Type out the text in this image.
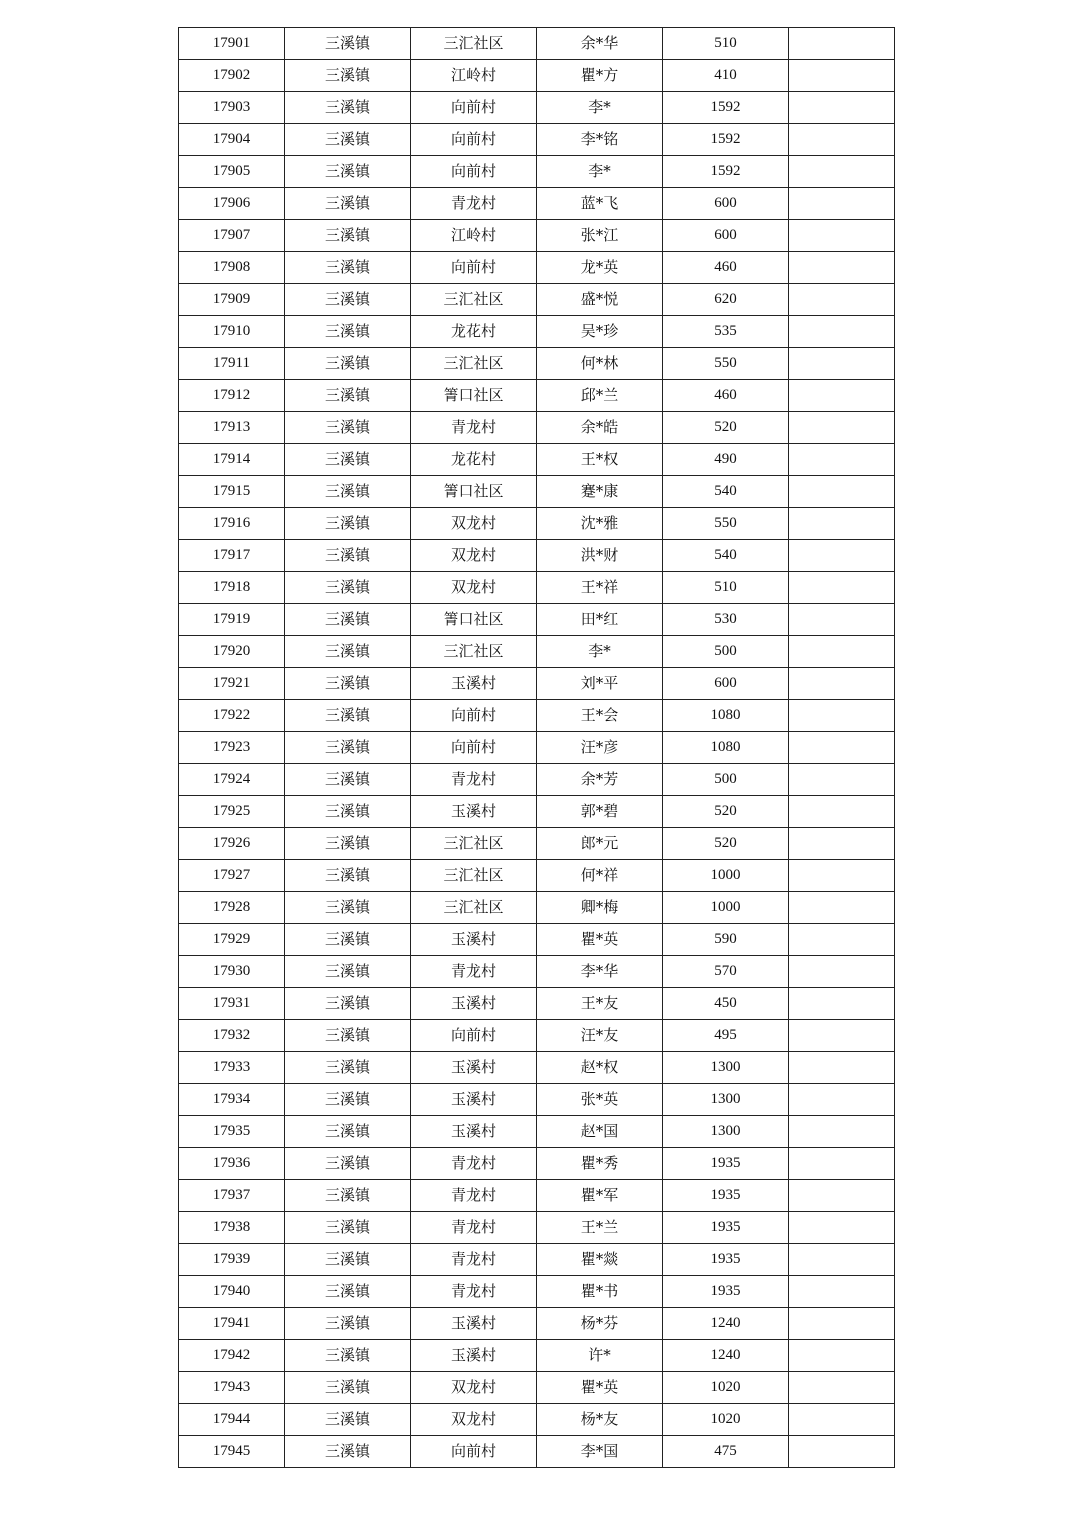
17901	三溪镇	三汇社区	余*华	510	
17902	三溪镇	江岭村	瞿*方	410	
17903	三溪镇	向前村	李*	1592	
17904	三溪镇	向前村	李*铭	1592	
17905	三溪镇	向前村	李*	1592	
17906	三溪镇	青龙村	蓝*飞	600	
17907	三溪镇	江岭村	张*江	600	
17908	三溪镇	向前村	龙*英	460	
17909	三溪镇	三汇社区	盛*悦	620	
17910	三溪镇	龙花村	吴*珍	535	
17911	三溪镇	三汇社区	何*林	550	
17912	三溪镇	箐口社区	邱*兰	460	
17913	三溪镇	青龙村	余*皓	520	
17914	三溪镇	龙花村	王*权	490	
17915	三溪镇	箐口社区	蹇*康	540	
17916	三溪镇	双龙村	沈*雅	550	
17917	三溪镇	双龙村	洪*财	540	
17918	三溪镇	双龙村	王*祥	510	
17919	三溪镇	箐口社区	田*红	530	
17920	三溪镇	三汇社区	李*	500	
17921	三溪镇	玉溪村	刘*平	600	
17922	三溪镇	向前村	王*会	1080	
17923	三溪镇	向前村	汪*彦	1080	
17924	三溪镇	青龙村	余*芳	500	
17925	三溪镇	玉溪村	郭*碧	520	
17926	三溪镇	三汇社区	郎*元	520	
17927	三溪镇	三汇社区	何*祥	1000	
17928	三溪镇	三汇社区	卿*梅	1000	
17929	三溪镇	玉溪村	瞿*英	590	
17930	三溪镇	青龙村	李*华	570	
17931	三溪镇	玉溪村	王*友	450	
17932	三溪镇	向前村	汪*友	495	
17933	三溪镇	玉溪村	赵*权	1300	
17934	三溪镇	玉溪村	张*英	1300	
17935	三溪镇	玉溪村	赵*国	1300	
17936	三溪镇	青龙村	瞿*秀	1935	
17937	三溪镇	青龙村	瞿*军	1935	
17938	三溪镇	青龙村	王*兰	1935	
17939	三溪镇	青龙村	瞿*燚	1935	
17940	三溪镇	青龙村	瞿*书	1935	
17941	三溪镇	玉溪村	杨*芬	1240	
17942	三溪镇	玉溪村	许*	1240	
17943	三溪镇	双龙村	瞿*英	1020	
17944	三溪镇	双龙村	杨*友	1020	
17945	三溪镇	向前村	李*国	475	
